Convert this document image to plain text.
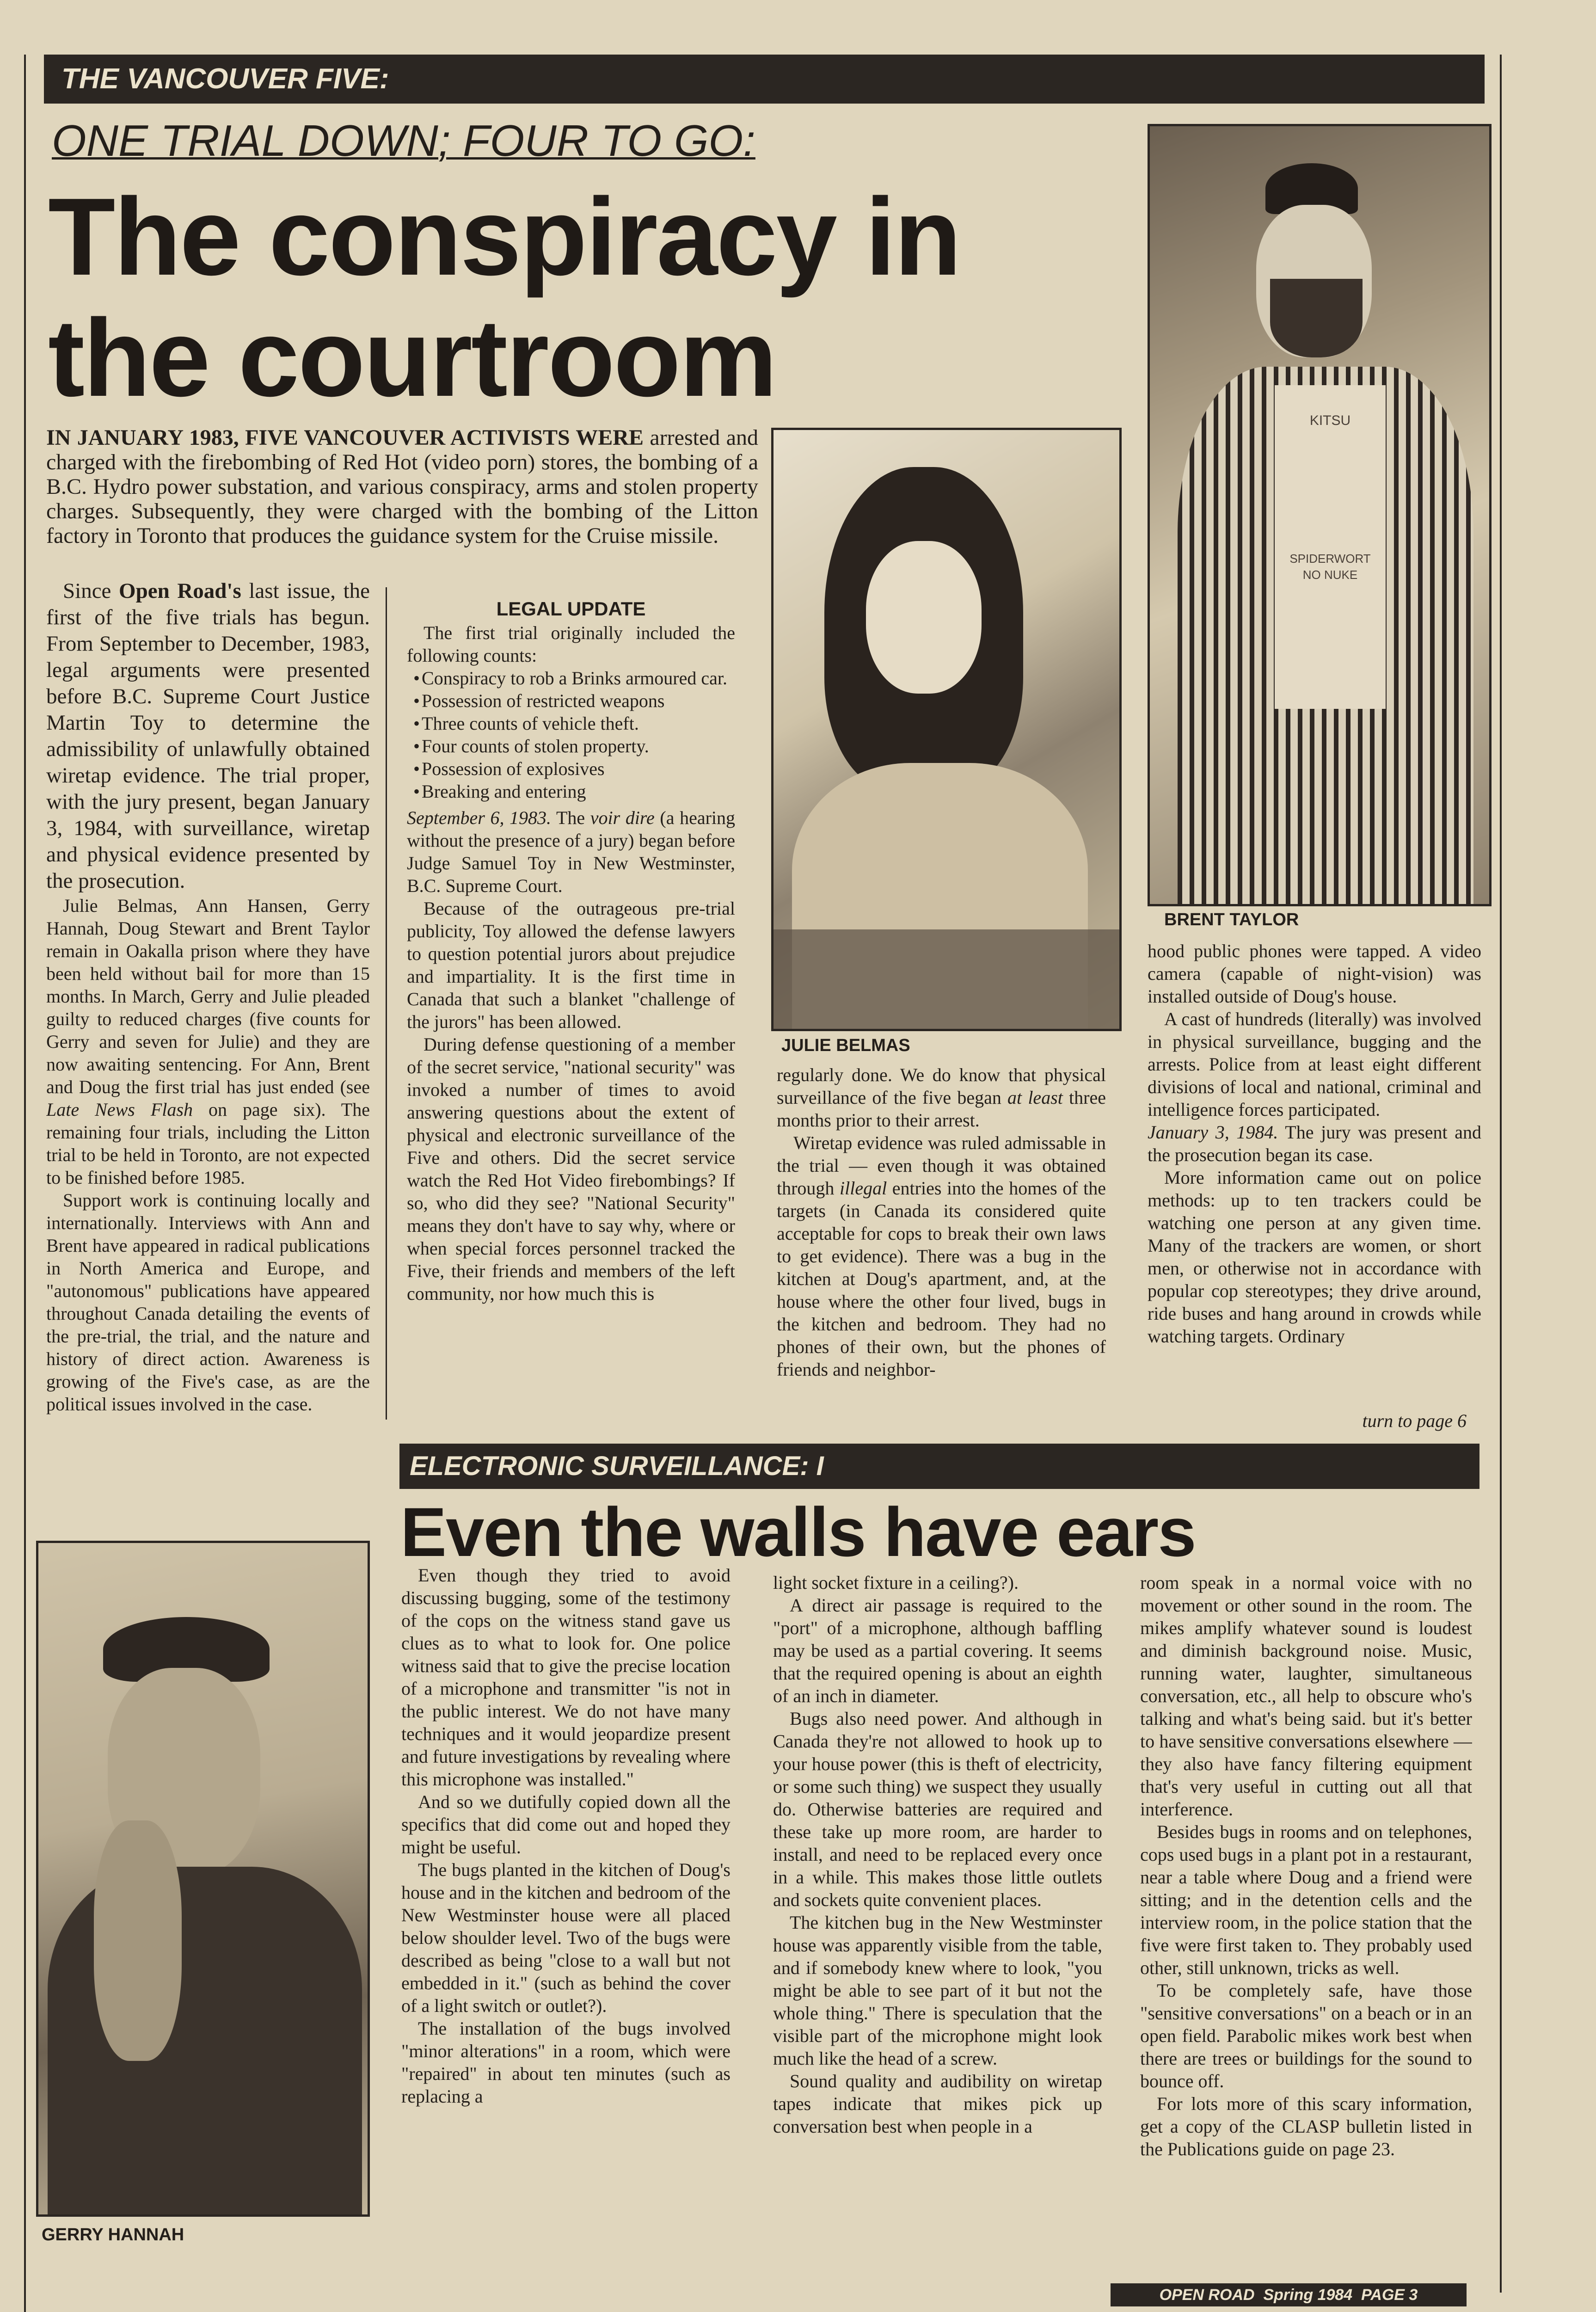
THE VANCOUVER FIVE:
ONE TRIAL DOWN; FOUR TO GO:
The conspiracy in
the courtroom
IN JANUARY 1983, FIVE VANCOUVER ACTIVISTS WERE arrested and charged with the firebombing of Red Hot (video porn) stores, the bombing of a B.C. Hydro power substation, and various conspiracy, arms and stolen property charges. Subsequently, they were charged with the bombing of the Litton factory in Toronto that produces the guidance system for the Cruise missile.

Since Open Road's last issue, the first of the five trials has begun. From September to December, 1983, legal arguments were presented before B.C. Supreme Court Justice Martin Toy to determine the admissibility of unlawfully obtained wiretap evidence. The trial proper, with the jury present, began January 3, 1984, with surveillance, wiretap and physical evidence presented by the prosecution.

Julie Belmas, Ann Hansen, Gerry Hannah, Doug Stewart and Brent Taylor remain in Oakalla prison where they have been held without bail for more than 15 months. In March, Gerry and Julie pleaded guilty to reduced charges (five counts for Gerry and seven for Julie) and they are now awaiting sentencing. For Ann, Brent and Doug the first trial has just ended (see Late News Flash on page six). The remaining four trials, including the Litton trial to be held in Toronto, are not expected to be finished before 1985.

Support work is continuing locally and internationally. Interviews with Ann and Brent have appeared in radical publications in North America and Europe, and "autonomous" publications have appeared throughout Canada detailing the events of the pre-trial, the trial, and the nature and history of direct action. Awareness is growing of the Five's case, as are the political issues involved in the case.

LEGAL UPDATE

The first trial originally included the following counts:

• Conspiracy to rob a Brinks armoured car.
• Possession of restricted weapons
• Three counts of vehicle theft.
• Four counts of stolen property.
• Possession of explosives
• Breaking and entering

September 6, 1983. The voir dire (a hearing without the presence of a jury) began before Judge Samuel Toy in New Westminster, B.C. Supreme Court.

Because of the outrageous pre-trial publicity, Toy allowed the defense lawyers to question potential jurors about prejudice and impartiality. It is the first time in Canada that such a blanket "challenge of the jurors" has been allowed.

During defense questioning of a member of the secret service, "national security" was invoked a number of times to avoid answering questions about the extent of physical and electronic surveillance of the Five and others. Did the secret service watch the Red Hot Video firebombings? If so, who did they see? "National Security" means they don't have to say why, where or when special forces personnel tracked the Five, their friends and members of the left community, nor how much this is

JULIE BELMAS

regularly done. We do know that physical surveillance of the five began at least three months prior to their arrest.

Wiretap evidence was ruled admissable in the trial — even though it was obtained through illegal entries into the homes of the targets (in Canada its considered quite acceptable for cops to break their own laws to get evidence). There was a bug in the kitchen at Doug's apartment, and, at the house where the other four lived, bugs in the kitchen and bedroom. They had no phones of their own, but the phones of friends and neighbor-

KITSU
SPIDERWORT
NO NUKE
BRENT TAYLOR

hood public phones were tapped. A video camera (capable of night-vision) was installed outside of Doug's house.

A cast of hundreds (literally) was involved in physical surveillance, bugging and the arrests. Police from at least eight different divisions of local and national, criminal and intelligence forces participated.

January 3, 1984. The jury was present and the prosecution began its case.

More information came out on police methods: up to ten trackers could be watching one person at any given time. Many of the trackers are women, or short men, or otherwise not in accordance with popular cop stereotypes; they drive around, ride buses and hang around in crowds while watching targets. Ordinary

turn to page 6
ELECTRONIC SURVEILLANCE: I
Even the walls have ears
GERRY HANNAH

Even though they tried to avoid discussing bugging, some of the testimony of the cops on the witness stand gave us clues as to what to look for. One police witness said that to give the precise location of a microphone and transmitter "is not in the public interest. We do not have many techniques and it would jeopardize present and future investigations by revealing where this microphone was installed."

And so we dutifully copied down all the specifics that did come out and hoped they might be useful.

The bugs planted in the kitchen of Doug's house and in the kitchen and bedroom of the New Westminster house were all placed below shoulder level. Two of the bugs were described as being "close to a wall but not embedded in it." (such as behind the cover of a light switch or outlet?).

The installation of the bugs involved "minor alterations" in a room, which were "repaired" in about ten minutes (such as replacing a

light socket fixture in a ceiling?).

A direct air passage is required to the "port" of a microphone, although baffling may be used as a partial covering. It seems that the required opening is about an eighth of an inch in diameter.

Bugs also need power. And although in Canada they're not allowed to hook up to your house power (this is theft of electricity, or some such thing) we suspect they usually do. Otherwise batteries are required and these take up more room, are harder to install, and need to be replaced every once in a while. This makes those little outlets and sockets quite convenient places.

The kitchen bug in the New Westminster house was apparently visible from the table, and if somebody knew where to look, "you might be able to see part of it but not the whole thing." There is speculation that the visible part of the microphone might look much like the head of a screw.

Sound quality and audibility on wiretap tapes indicate that mikes pick up conversation best when people in a

room speak in a normal voice with no movement or other sound in the room. The mikes amplify whatever sound is loudest and diminish background noise. Music, running water, laughter, simultaneous conversation, etc., all help to obscure who's talking and what's being said. but it's better to have sensitive conversations elsewhere — they also have fancy filtering equipment that's very useful in cutting out all that interference.

Besides bugs in rooms and on telephones, cops used bugs in a plant pot in a restaurant, near a table where Doug and a friend were sitting; and in the detention cells and the interview room, in the police station that the five were first taken to. They probably used other, still unknown, tricks as well.

To be completely safe, have those "sensitive conversations" on a beach or in an open field. Parabolic mikes work best when there are trees or buildings for the sound to bounce off.

For lots more of this scary information, get a copy of the CLASP bulletin listed in the Publications guide on page 23.

OPEN ROAD  Spring 1984  PAGE 3
